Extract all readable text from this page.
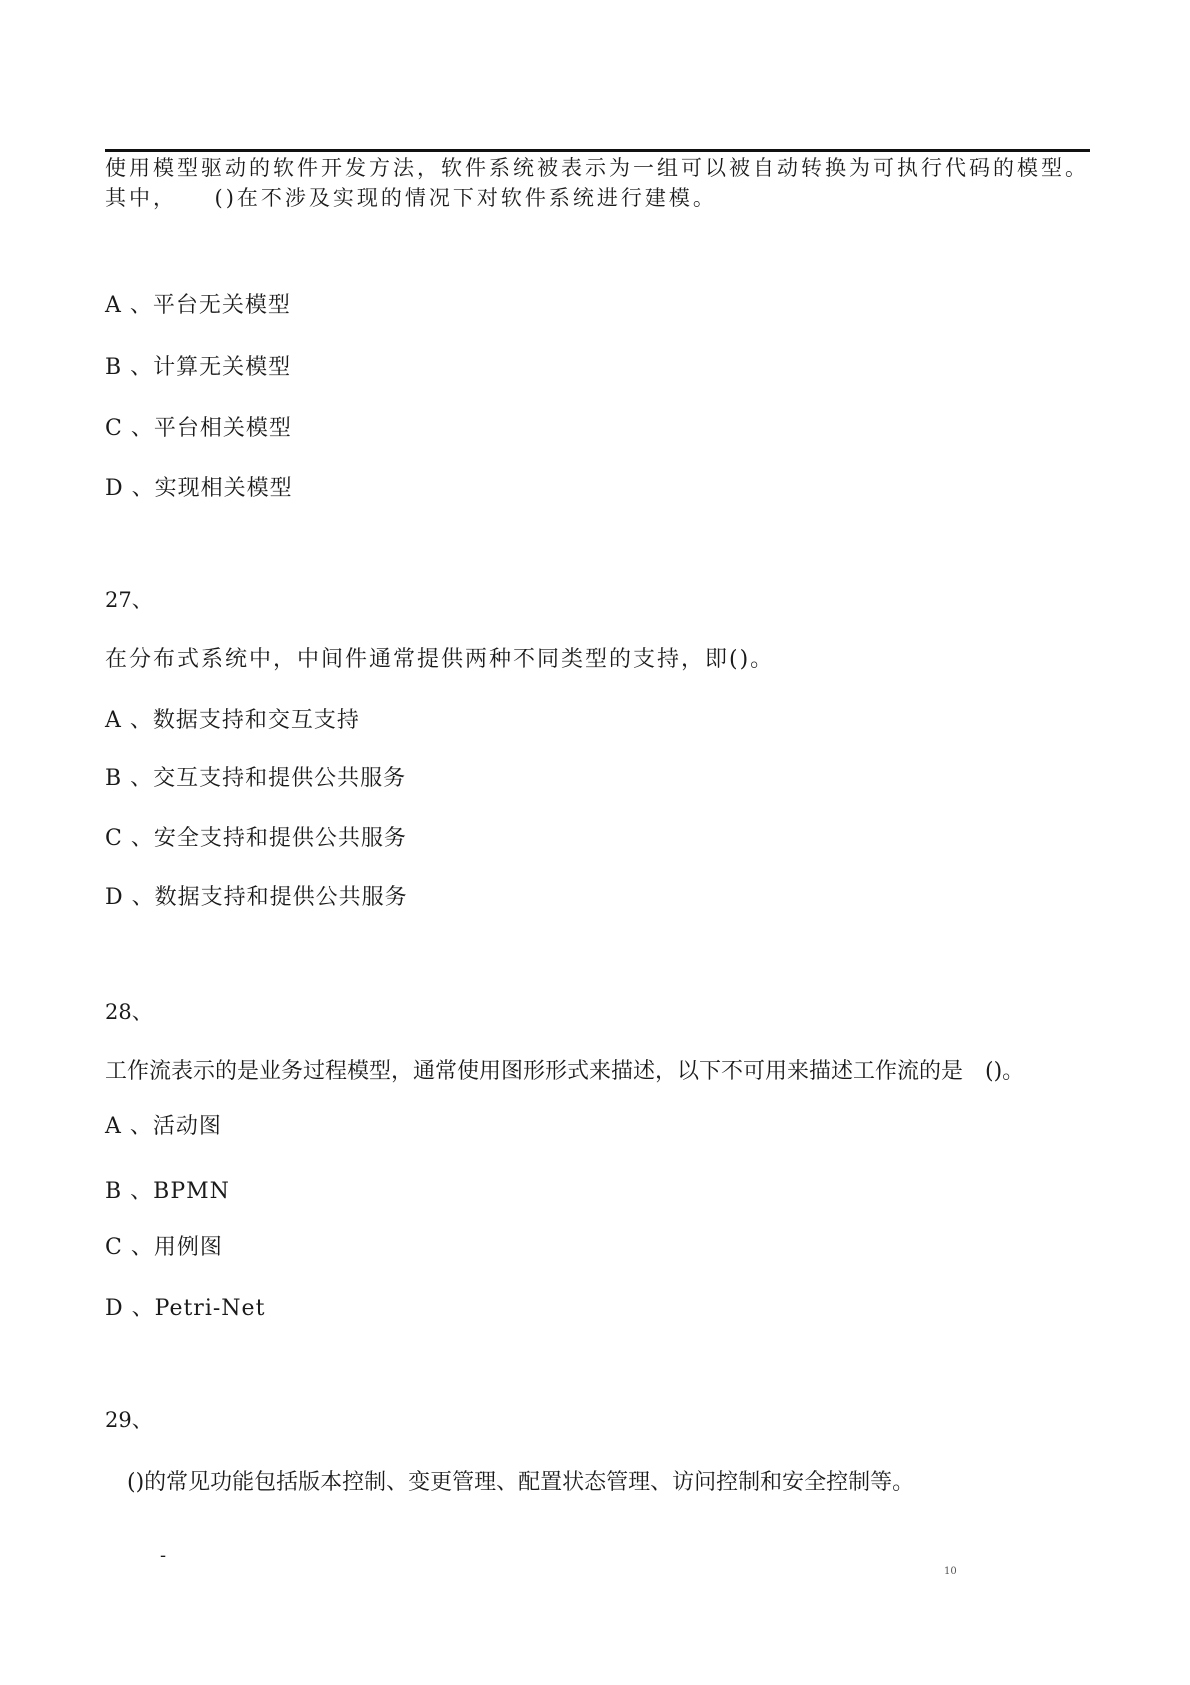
使用模型驱动的软件开发方法，软件系统被表示为一组可以被自动转换为可执行代码的模型。
其中，　　()在不涉及实现的情况下对软件系统进行建模。
A 、平台无关模型
B 、计算无关模型
C 、平台相关模型
D 、实现相关模型
27、
在分布式系统中，中间件通常提供两种不同类型的支持，即()。
A 、数据支持和交互支持
B 、交互支持和提供公共服务
C 、安全支持和提供公共服务
D 、数据支持和提供公共服务
28、
工作流表示的是业务过程模型，通常使用图形形式来描述，以下不可用来描述工作流的是　()。
A 、活动图
B 、BPMN
C 、用例图
D 、Petri-Net
29、
()的常见功能包括版本控制、变更管理、配置状态管理、访问控制和安全控制等。
-
10
